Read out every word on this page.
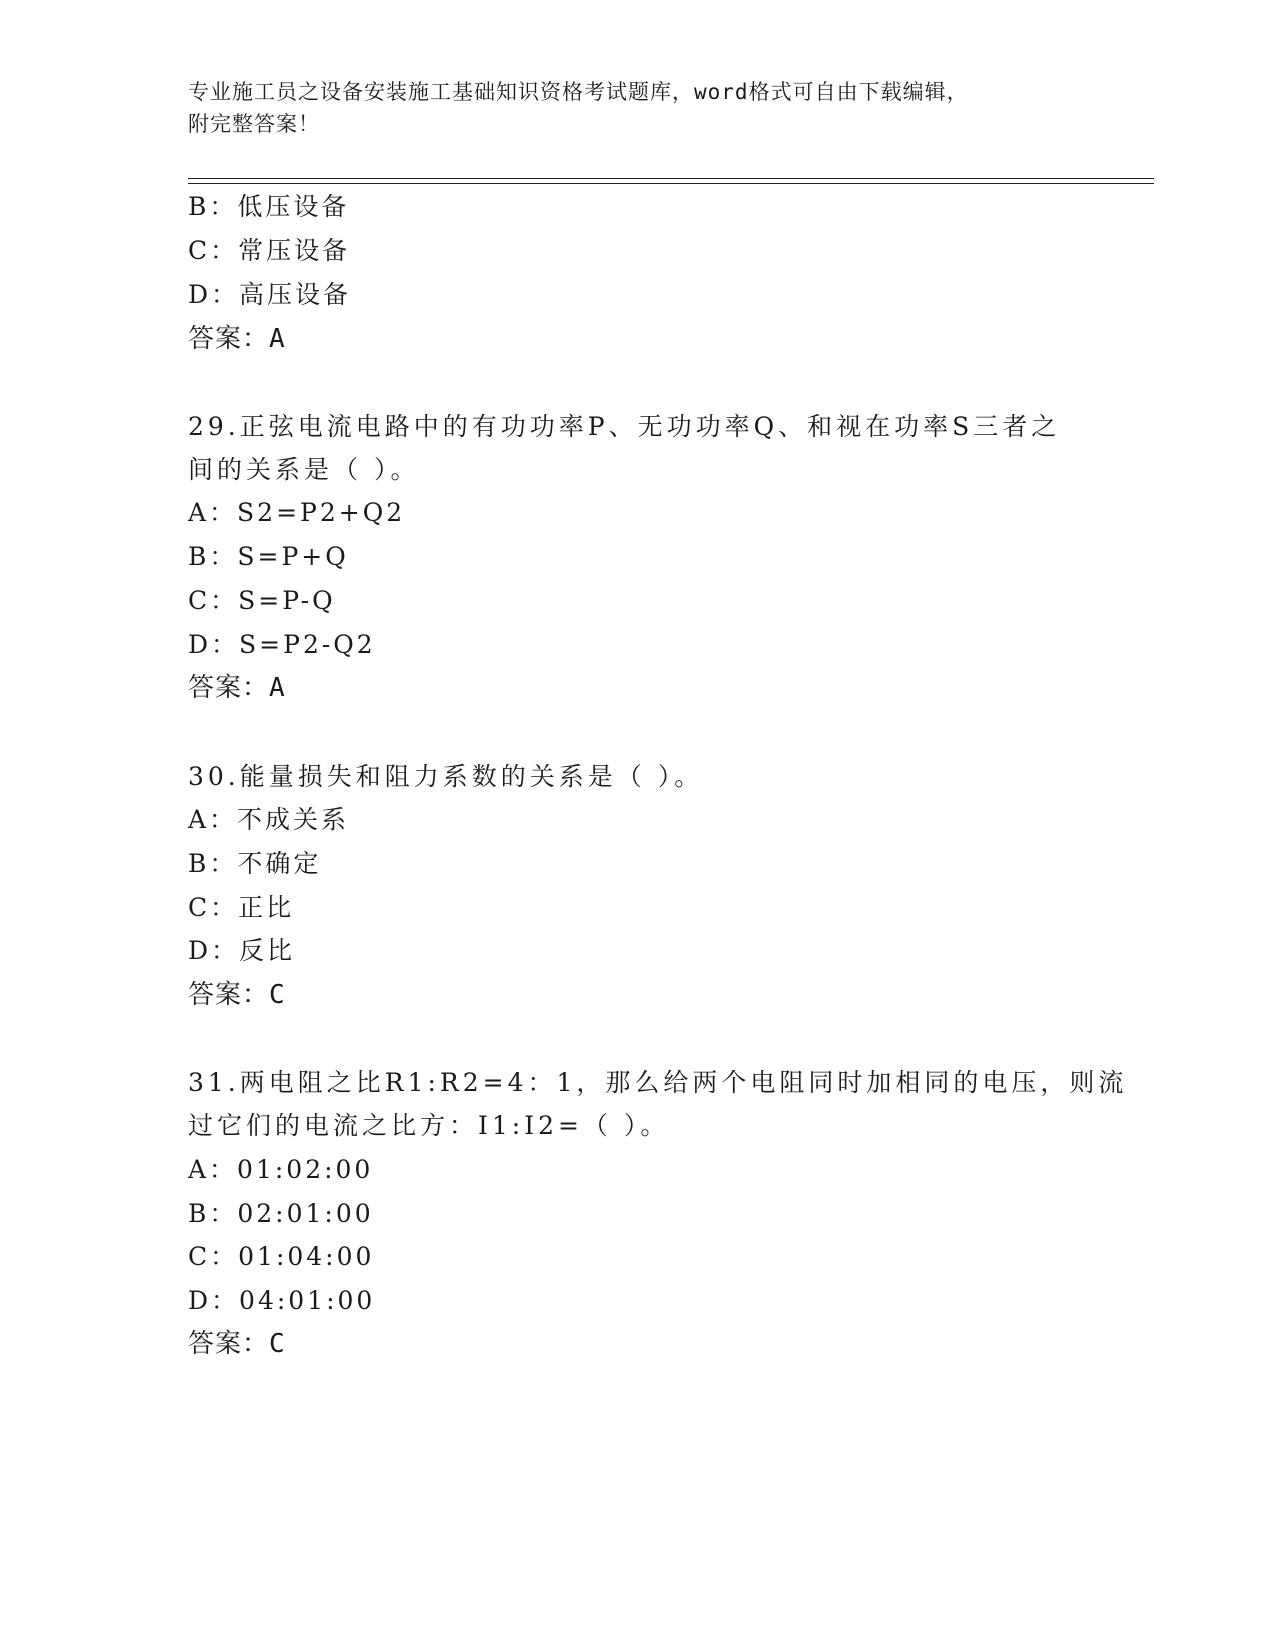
专业施工员之设备安装施工基础知识资格考试题库，word格式可自由下载编辑，
附完整答案！
B：低压设备
C：常压设备
D：高压设备
答案：A
29.正弦电流电路中的有功功率P、无功功率Q、和视在功率S三者之
间的关系是（ ）。
A：S2=P2+Q2
B：S=P+Q
C：S=P-Q
D：S=P2-Q2
答案：A
30.能量损失和阻力系数的关系是（ ）。
A：不成关系
B：不确定
C：正比
D：反比
答案：C
31.两电阻之比R1:R2=4：1，那么给两个电阻同时加相同的电压，则流
过它们的电流之比方：I1:I2=（ ）。
A：01:02:00
B：02:01:00
C：01:04:00
D：04:01:00
答案：C
